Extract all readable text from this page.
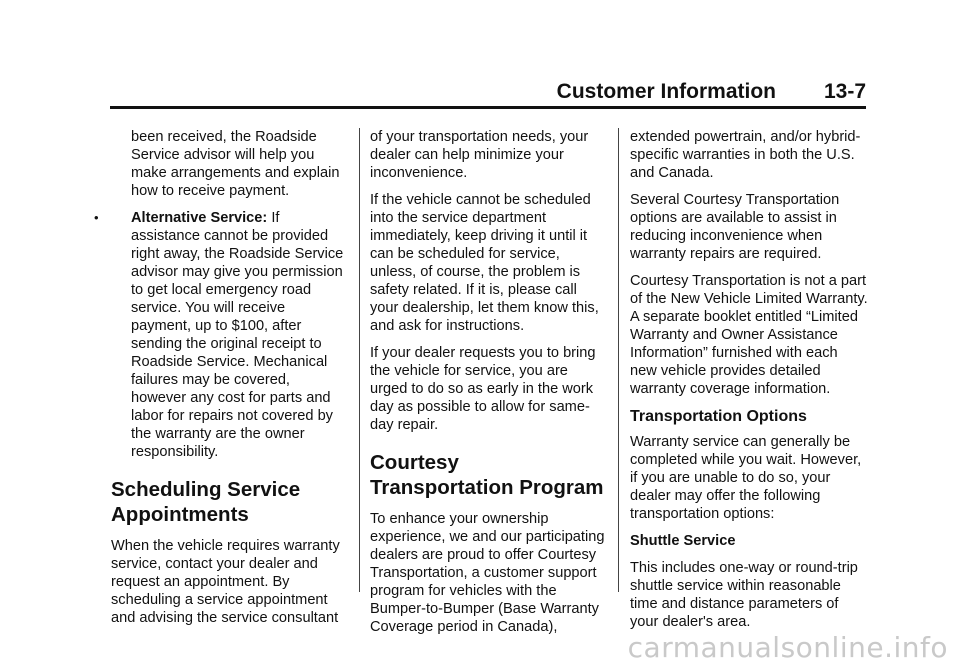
Customer Information 13-7

been received, the Roadside Service advisor will help you make arrangements and explain how to receive payment.

• Alternative Service: If assistance cannot be provided right away, the Roadside Service advisor may give you permission to get local emergency road service. You will receive payment, up to $100, after sending the original receipt to Roadside Service. Mechanical failures may be covered, however any cost for parts and labor for repairs not covered by the warranty are the owner responsibility.

Scheduling Service Appointments

When the vehicle requires warranty service, contact your dealer and request an appointment. By scheduling a service appointment and advising the service consultant

of your transportation needs, your dealer can help minimize your inconvenience.

If the vehicle cannot be scheduled into the service department immediately, keep driving it until it can be scheduled for service, unless, of course, the problem is safety related. If it is, please call your dealership, let them know this, and ask for instructions.

If your dealer requests you to bring the vehicle for service, you are urged to do so as early in the work day as possible to allow for same-day repair.

Courtesy Transportation Program

To enhance your ownership experience, we and our participating dealers are proud to offer Courtesy Transportation, a customer support program for vehicles with the Bumper-to-Bumper (Base Warranty Coverage period in Canada),

extended powertrain, and/or hybrid-specific warranties in both the U.S. and Canada.

Several Courtesy Transportation options are available to assist in reducing inconvenience when warranty repairs are required.

Courtesy Transportation is not a part of the New Vehicle Limited Warranty. A separate booklet entitled “Limited Warranty and Owner Assistance Information” furnished with each new vehicle provides detailed warranty coverage information.

Transportation Options

Warranty service can generally be completed while you wait. However, if you are unable to do so, your dealer may offer the following transportation options:

Shuttle Service

This includes one-way or round-trip shuttle service within reasonable time and distance parameters of your dealer's area.

carmanualsonline.info
